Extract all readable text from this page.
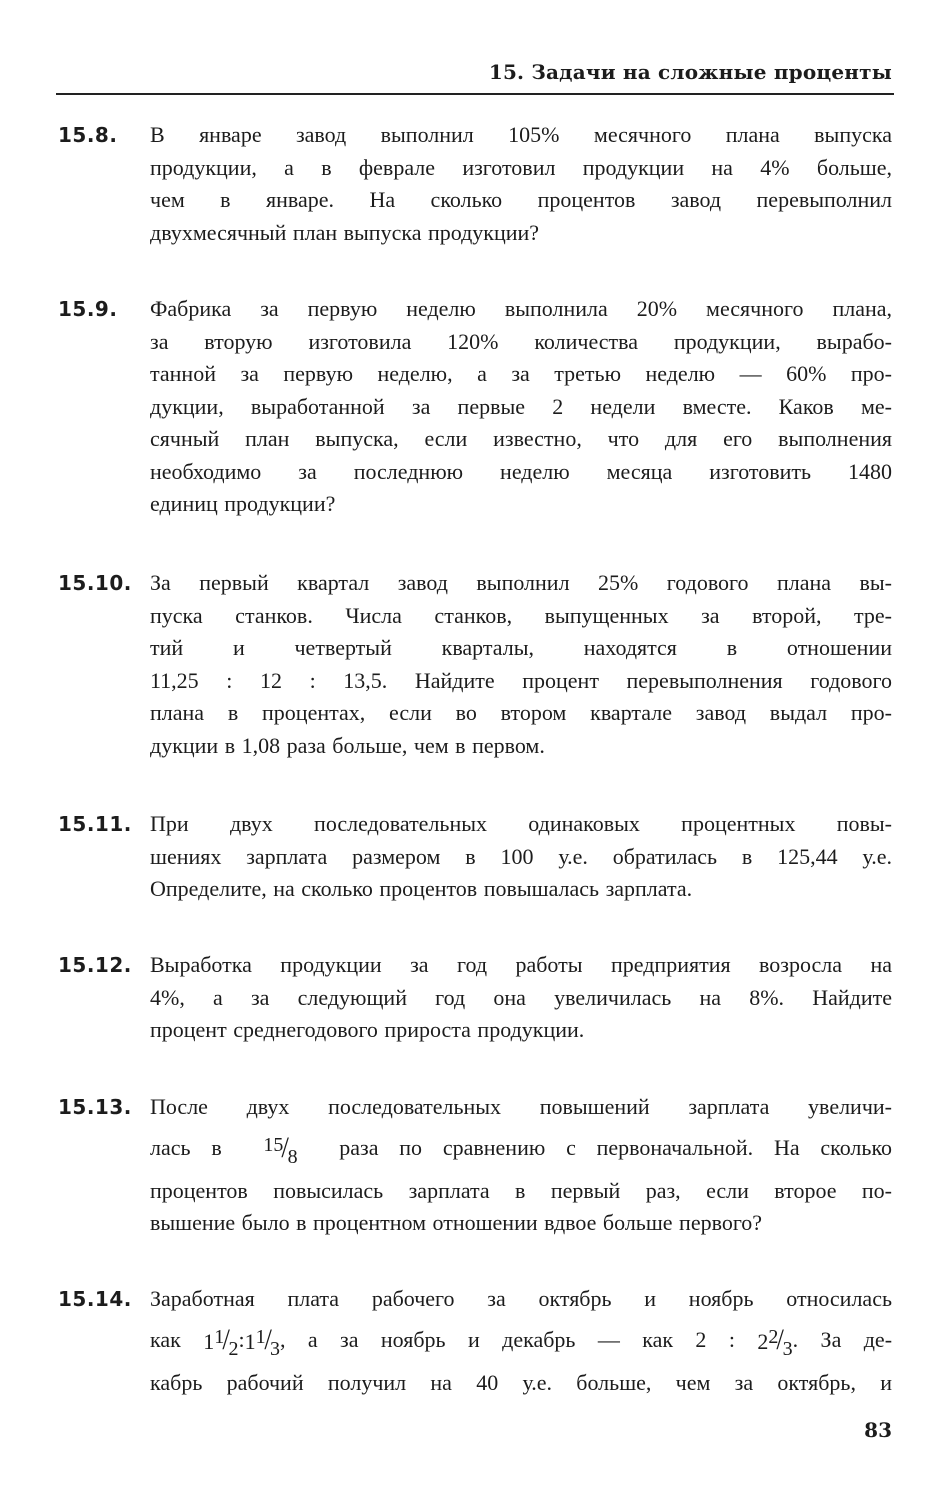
15. Задачи на сложные проценты
15.8. В январе завод выполнил 105% месячного плана выпуска
продукции, а в феврале изготовил продукции на 4% больше,
чем в январе. На сколько процентов завод перевыполнил
двухмесячный план выпуска продукции?
15.9. Фабрика за первую неделю выполнила 20% месячного плана,
за вторую изготовила 120% количества продукции, вырабо-
танной за первую неделю, а за третью неделю — 60% про-
дукции, выработанной за первые 2 недели вместе. Каков ме-
сячный план выпуска, если известно, что для его выполнения
необходимо за последнюю неделю месяца изготовить 1480
единиц продукции?
15.10. За первый квартал завод выполнил 25% годового плана вы-
пуска станков. Числа станков, выпущенных за второй, тре-
тий и четвертый кварталы, находятся в отношении
11,25 : 12 : 13,5. Найдите процент перевыполнения годового
плана в процентах, если во втором квартале завод выдал про-
дукции в 1,08 раза больше, чем в первом.
15.11. При двух последовательных одинаковых процентных повы-
шениях зарплата размером в 100 у.е. обратилась в 125,44 у.е.
Определите, на сколько процентов повышалась зарплата.
15.12. Выработка продукции за год работы предприятия возросла на
4%, а за следующий год она увеличилась на 8%. Найдите
процент среднегодового прироста продукции.
15.13. После двух последовательных повышений зарплата увеличи-
лась в $^{15}/_8$ раза по сравнению с первоначальной. На сколько
процентов повысилась зарплата в первый раз, если второе по-
вышение было в процентном отношении вдвое больше первого?
15.14. Заработная плата рабочего за октябрь и ноябрь относилась
как $1^1/_2:1^1/_3$, а за ноябрь и декабрь — как 2 : $2^2/_3$. За де-
кабрь рабочий получил на 40 у.е. больше, чем за октябрь, и
83
